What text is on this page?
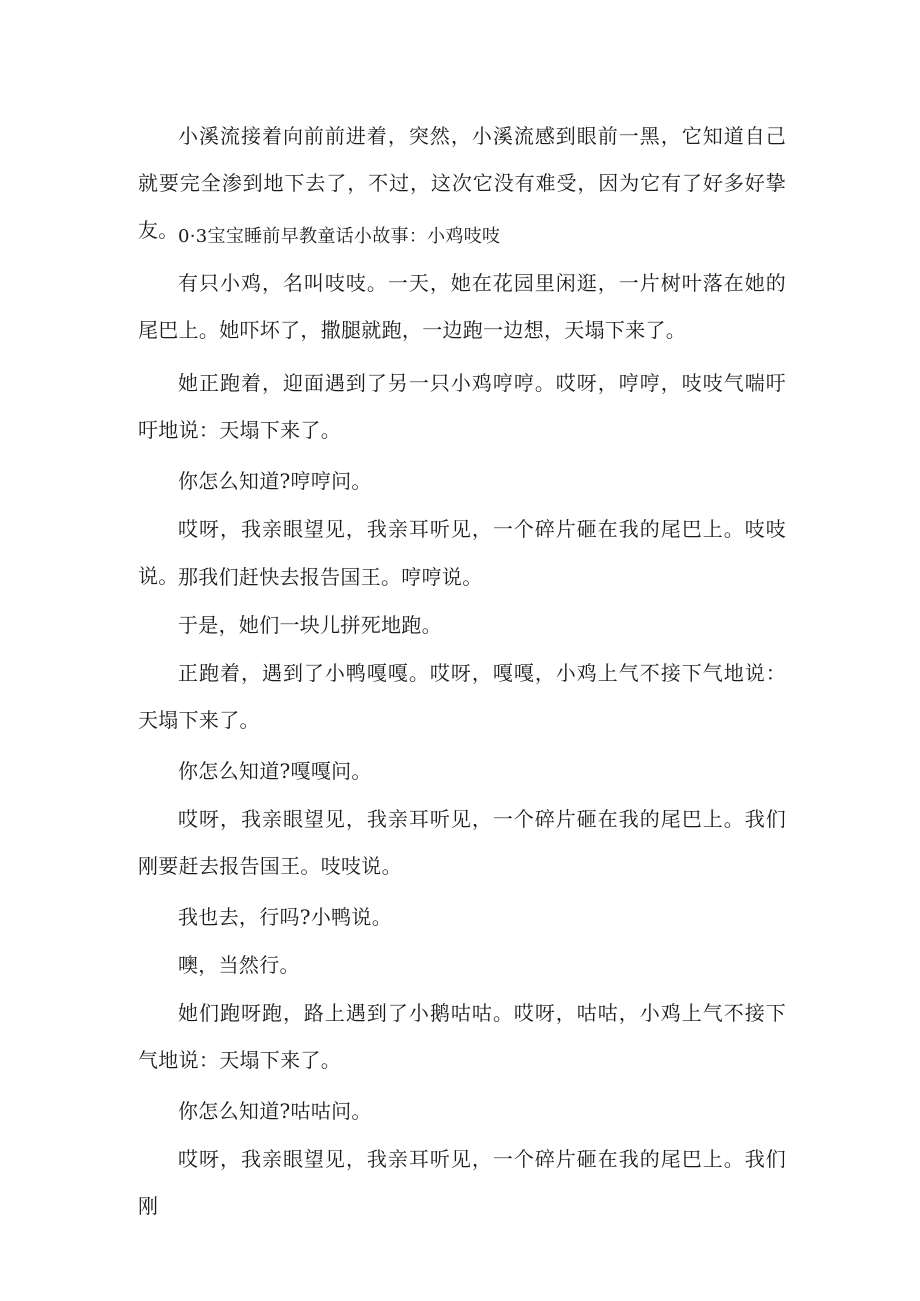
小溪流接着向前前进着，突然，小溪流感到眼前一黑，它知道自己就要完全渗到地下去了，不过，这次它没有难受，因为它有了好多好挚友。 0·3宝宝睡前早教童话小故事：小鸡吱吱

有只小鸡，名叫吱吱。一天，她在花园里闲逛，一片树叶落在她的尾巴上。她吓坏了，撒腿就跑，一边跑一边想，天塌下来了。

她正跑着，迎面遇到了另一只小鸡哼哼。哎呀，哼哼，吱吱气喘吁吁地说：天塌下来了。

你怎么知道?哼哼问。

哎呀，我亲眼望见，我亲耳听见，一个碎片砸在我的尾巴上。吱吱说。 那我们赶快去报告国王。哼哼说。

于是，她们一块儿拼死地跑。

正跑着，遇到了小鸭嘎嘎。哎呀，嘎嘎，小鸡上气不接下气地说：天塌下来了。

你怎么知道?嘎嘎问。

哎呀，我亲眼望见，我亲耳听见，一个碎片砸在我的尾巴上。我们刚要赶去报告国王。吱吱说。

我也去，行吗?小鸭说。

噢，当然行。

她们跑呀跑，路上遇到了小鹅咕咕。哎呀，咕咕，小鸡上气不接下气地说：天塌下来了。

你怎么知道?咕咕问。

哎呀，我亲眼望见，我亲耳听见，一个碎片砸在我的尾巴上。我们刚
